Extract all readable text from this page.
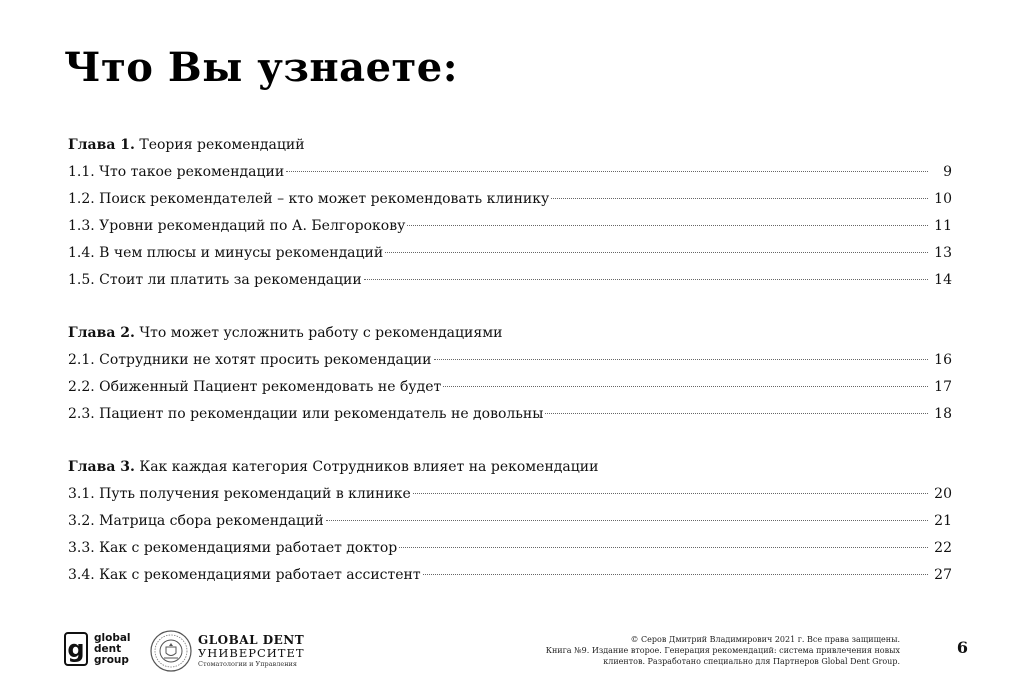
Что Вы узнаете:
Глава 1. Теория рекомендаций
1.1. Что такое рекомендации	9
1.2. Поиск рекомендателей – кто может рекомендовать клинику	10
1.3. Уровни рекомендаций по А. Белгорокову	11
1.4. В чем плюсы и минусы рекомендаций	13
1.5. Стоит ли платить за рекомендации	14
Глава 2. Что может усложнить работу с рекомендациями
2.1. Сотрудники не хотят просить рекомендации	16
2.2. Обиженный Пациент рекомендовать не будет	17
2.3. Пациент по рекомендации или рекомендатель не довольны	18
Глава 3. Как каждая категория Сотрудников влияет на рекомендации
3.1. Путь получения рекомендаций в клинике	20
3.2. Матрица сбора рекомендаций	21
3.3. Как с рекомендациями работает доктор	22
3.4. Как с рекомендациями работает ассистент	27
g global
dent
group
GLOBAL DENT
УНИВЕРСИТЕТ
Стоматологии и Управления
© Серов Дмитрий Владимирович 2021 г. Все права защищены.
Книга №9. Издание второе. Генерация рекомендаций: система привлечения новых
клиентов. Разработано специально для Партнеров Global Dent Group.
6
